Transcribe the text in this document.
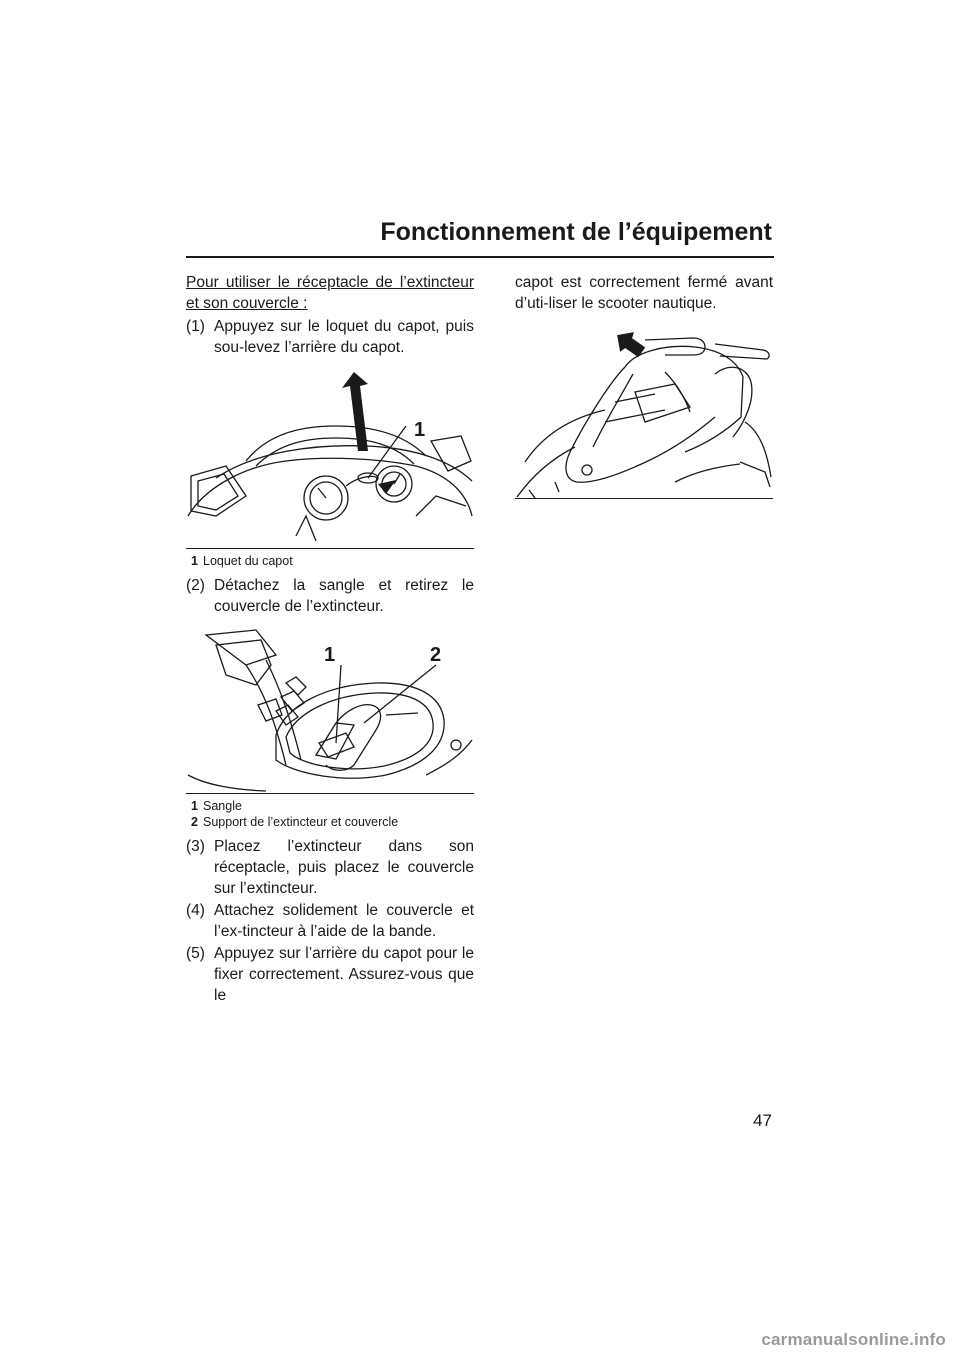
Fonctionnement de l’équipement

Pour utiliser le réceptacle de l’extincteur et son couvercle :

(1) Appuyez sur le loquet du capot, puis sou-levez l’arrière du capot.
1
1 Loquet du capot
(2) Détachez la sangle et retirez le couvercle de l’extincteur.
1	2
1 Sangle
2 Support de l’extincteur et couvercle
(3) Placez l’extincteur dans son réceptacle, puis placez le couvercle sur l’extincteur.
(4) Attachez solidement le couvercle et l’ex-tincteur à l’aide de la bande.
(5) Appuyez sur l’arrière du capot pour le fixer correctement. Assurez-vous que le

capot est correctement fermé avant d’uti-liser le scooter nautique.

47
carmanualsonline.info
